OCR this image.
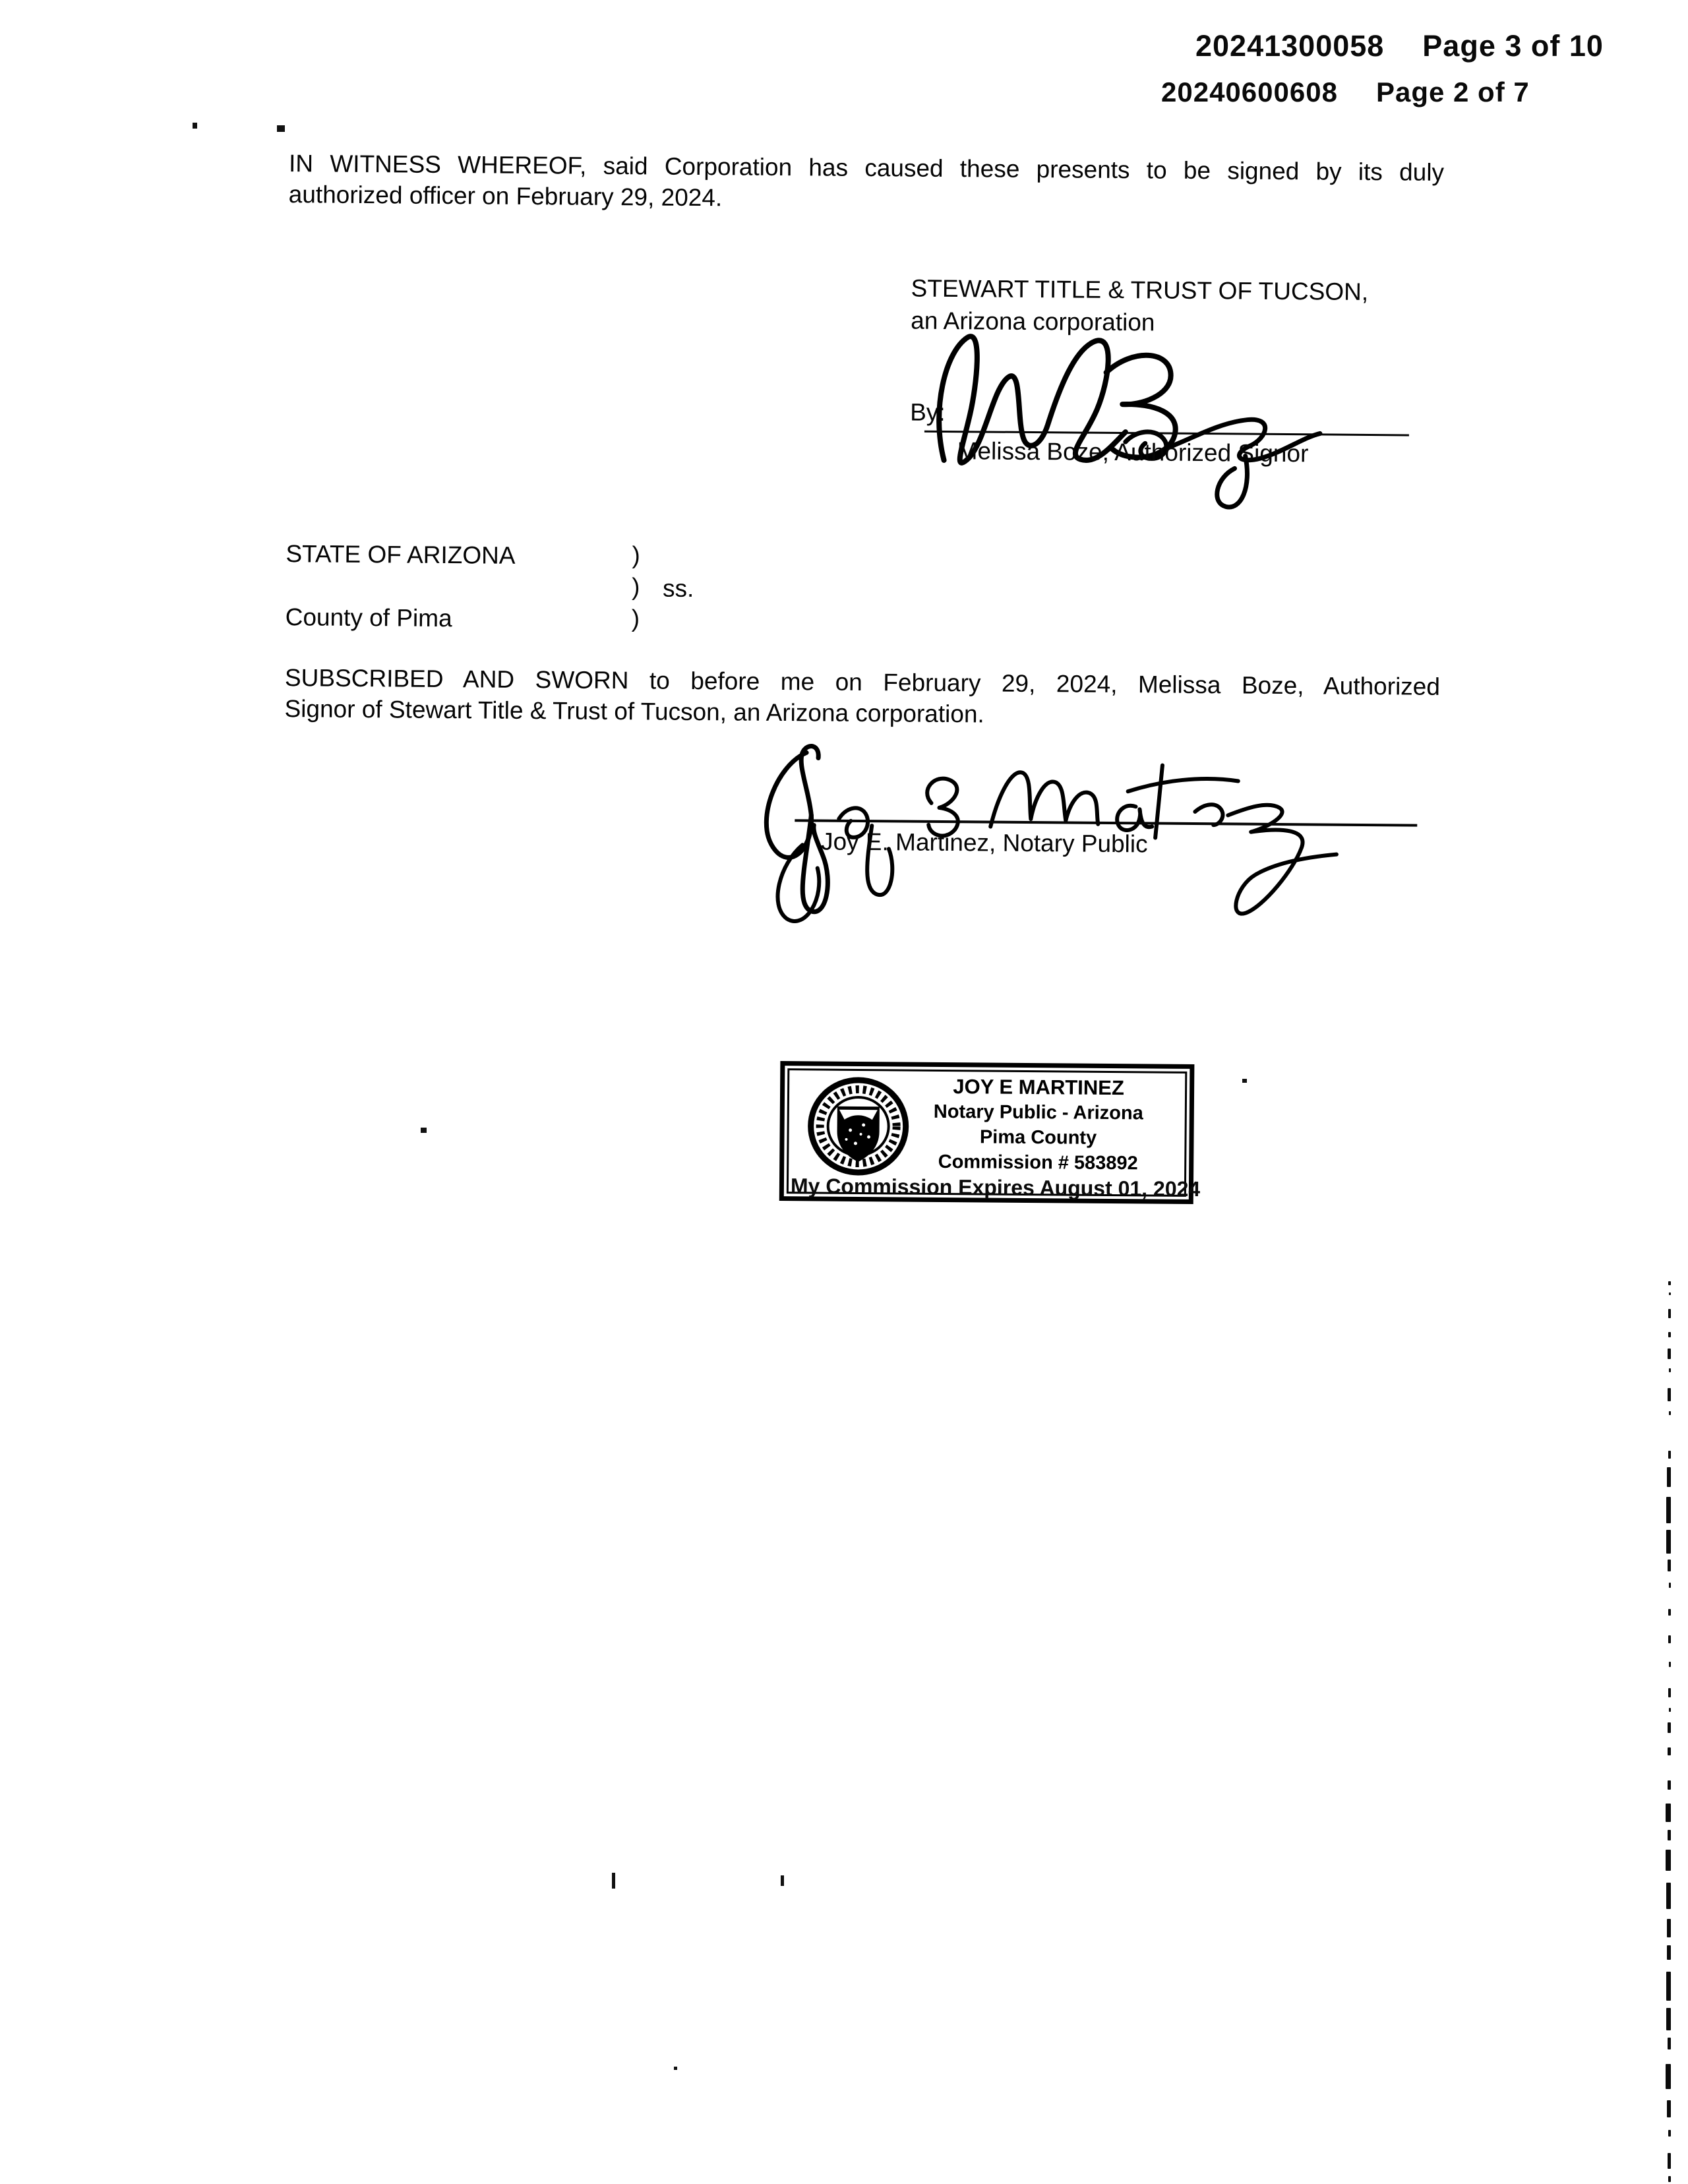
20241300058 Page 3 of 10
20240600608 Page 2 of 7
IN WITNESS WHEREOF, said Corporation has caused these presents to be signed by its duly
authorized officer on February 29, 2024.
STEWART TITLE & TRUST OF TUCSON,
an Arizona corporation
By:
Melissa Boze, Authorized Signor
STATE OF ARIZONA	)
) ss.
County of Pima	)
SUBSCRIBED AND SWORN to before me on February 29, 2024, Melissa Boze, Authorized
Signor of Stewart Title & Trust of Tucson, an Arizona corporation.
Joy E. Martinez, Notary Public
JOY E MARTINEZ
Notary Public - Arizona
Pima County
Commission # 583892
My Commission Expires August 01, 2024
